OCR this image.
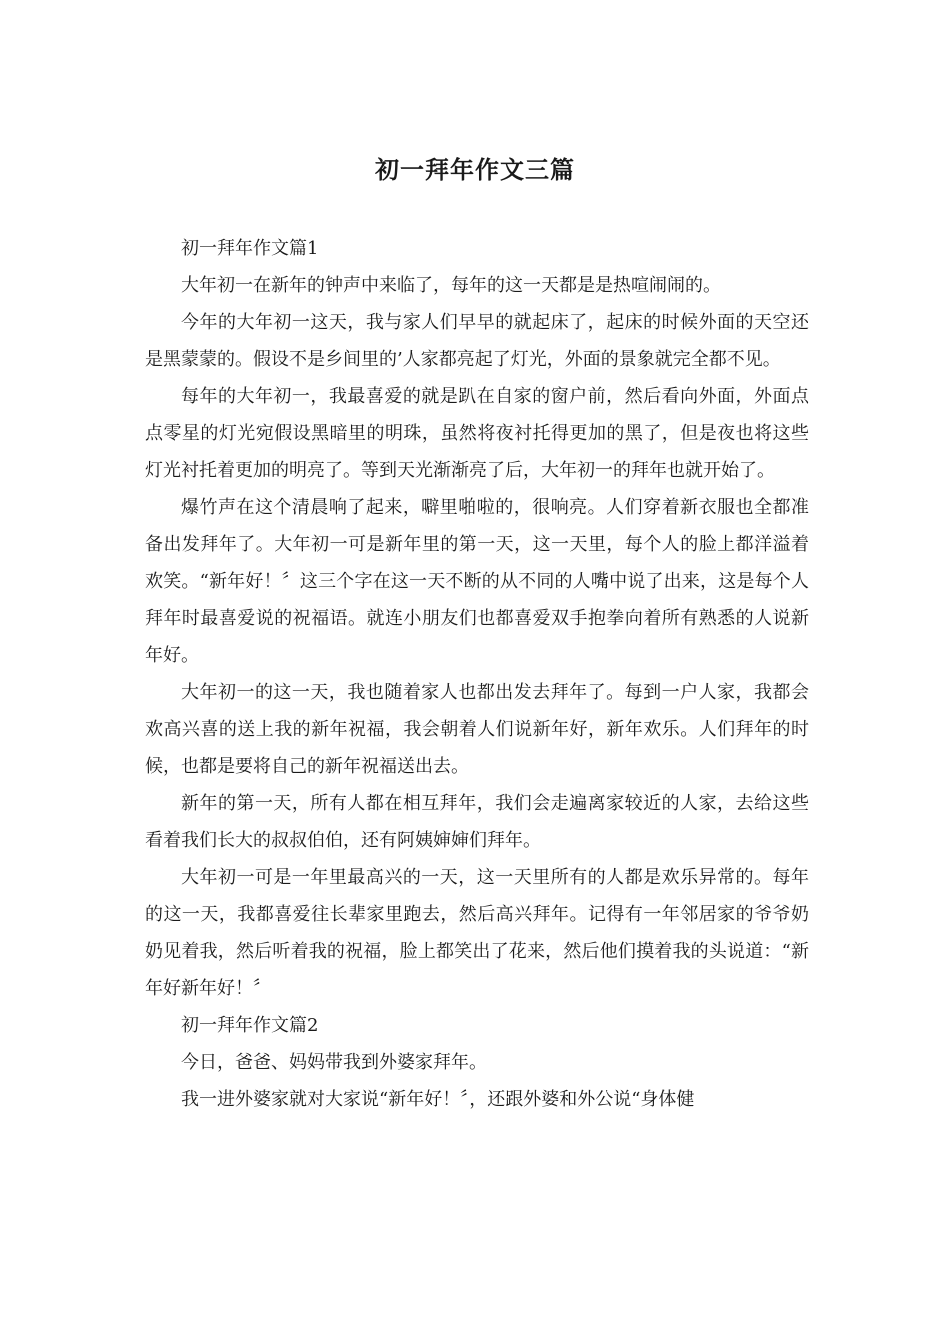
初一拜年作文三篇

初一拜年作文篇1

大年初一在新年的钟声中来临了，每年的这一天都是是热喧闹闹的。

今年的大年初一这天，我与家人们早早的就起床了，起床的时候外面的天空还是黑蒙蒙的。假设不是乡间里的’人家都亮起了灯光，外面的景象就完全都不见。

每年的大年初一，我最喜爱的就是趴在自家的窗户前，然后看向外面，外面点点零星的灯光宛假设黑暗里的明珠，虽然将夜衬托得更加的黑了，但是夜也将这些灯光衬托着更加的明亮了。等到天光渐渐亮了后，大年初一的拜年也就开始了。

爆竹声在这个清晨响了起来，噼里啪啦的，很响亮。人们穿着新衣服也全都准备出发拜年了。大年初一可是新年里的第一天，这一天里，每个人的脸上都洋溢着欢笑。“新年好！〞这三个字在这一天不断的从不同的人嘴中说了出来，这是每个人拜年时最喜爱说的祝福语。就连小朋友们也都喜爱双手抱拳向着所有熟悉的人说新年好。

大年初一的这一天，我也随着家人也都出发去拜年了。每到一户人家，我都会欢高兴喜的送上我的新年祝福，我会朝着人们说新年好，新年欢乐。人们拜年的时候，也都是要将自己的新年祝福送出去。

新年的第一天，所有人都在相互拜年，我们会走遍离家较近的人家，去给这些看着我们长大的叔叔伯伯，还有阿姨婶婶们拜年。

大年初一可是一年里最高兴的一天，这一天里所有的人都是欢乐异常的。每年的这一天，我都喜爱往长辈家里跑去，然后高兴拜年。记得有一年邻居家的爷爷奶奶见着我，然后听着我的祝福，脸上都笑出了花来，然后他们摸着我的头说道：“新年好新年好！〞

初一拜年作文篇2

今日，爸爸、妈妈带我到外婆家拜年。

我一进外婆家就对大家说“新年好！〞，还跟外婆和外公说“身体健
